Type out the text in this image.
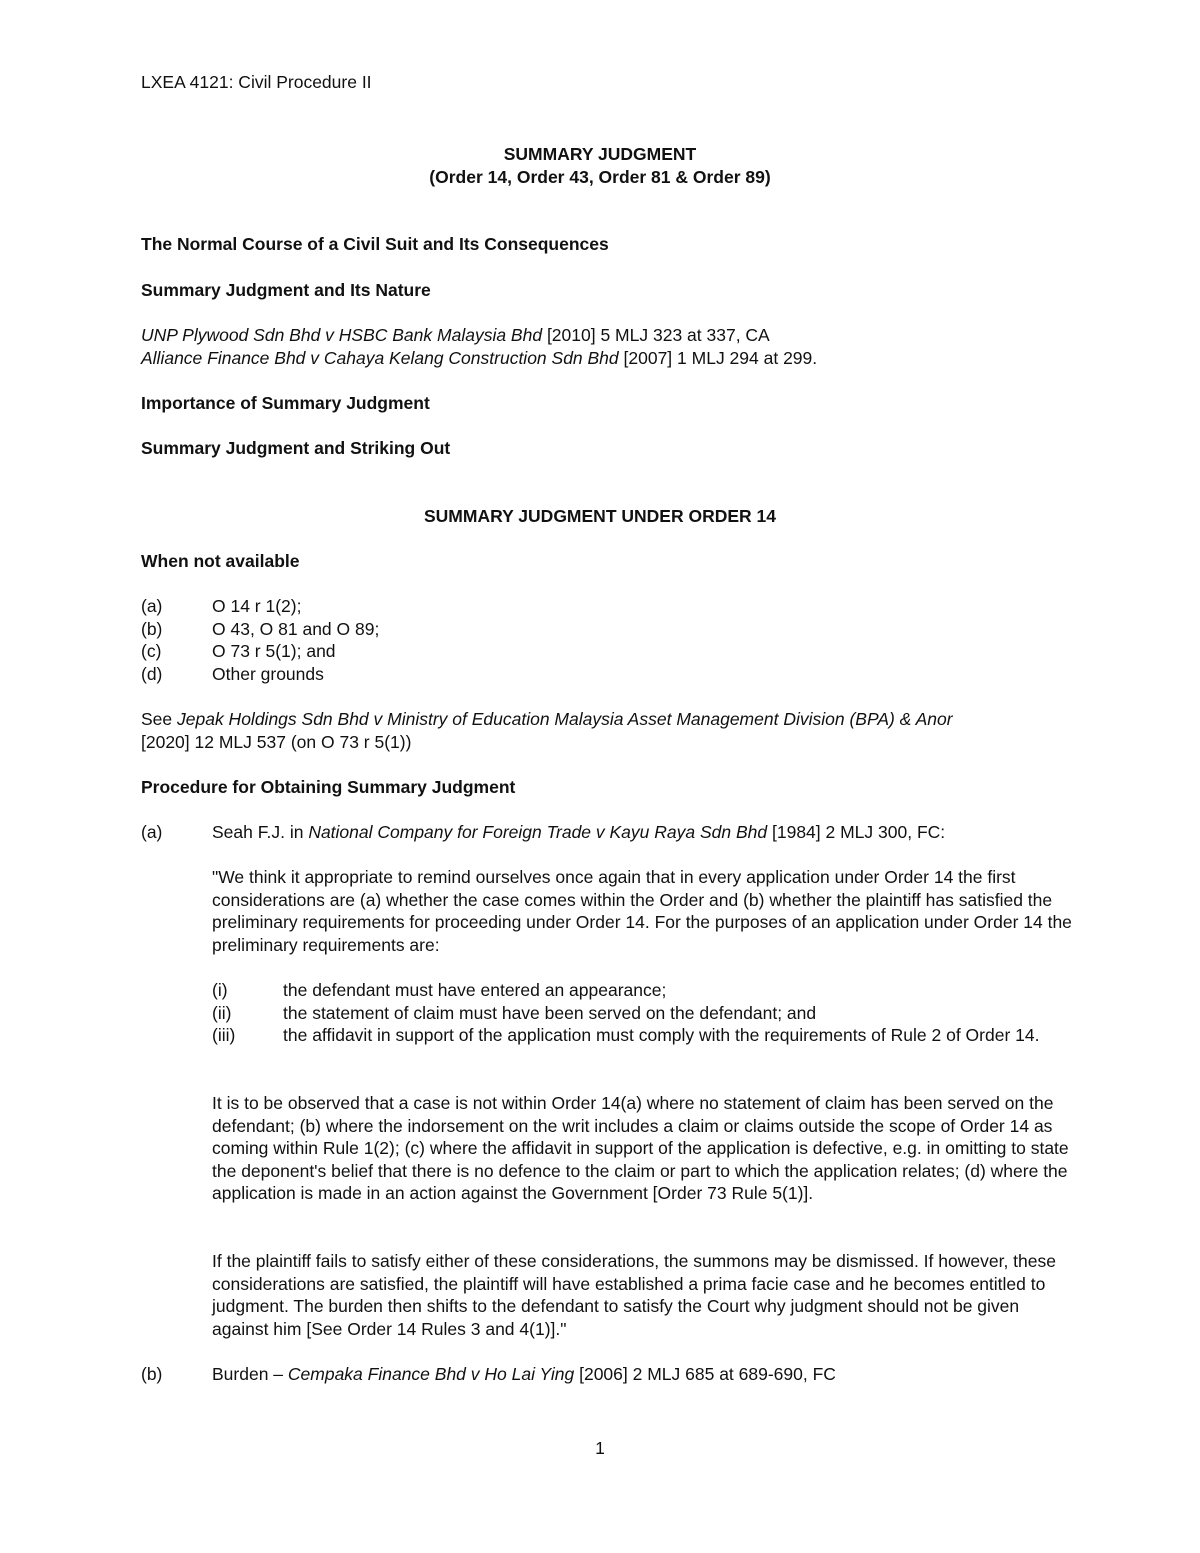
LXEA 4121: Civil Procedure II
SUMMARY JUDGMENT
(Order 14, Order 43, Order 81 & Order 89)
The Normal Course of a Civil Suit and Its Consequences
Summary Judgment and Its Nature
UNP Plywood Sdn Bhd v HSBC Bank Malaysia Bhd [2010] 5 MLJ 323 at 337, CA
Alliance Finance Bhd v Cahaya Kelang Construction Sdn Bhd [2007] 1 MLJ 294 at 299.
Importance of Summary Judgment
Summary Judgment and Striking Out
SUMMARY JUDGMENT UNDER ORDER 14
When not available
(a)	O 14 r 1(2);
(b)	O 43, O 81 and O 89;
(c)	O 73 r 5(1); and
(d)	Other grounds
See Jepak Holdings Sdn Bhd v Ministry of Education Malaysia Asset Management Division (BPA) & Anor
[2020] 12 MLJ 537 (on O 73 r 5(1))
Procedure for Obtaining Summary Judgment
(a)	Seah F.J. in National Company for Foreign Trade v Kayu Raya Sdn Bhd [1984] 2 MLJ 300, FC:
"We think it appropriate to remind ourselves once again that in every application under Order 14 the first considerations are (a) whether the case comes within the Order and (b) whether the plaintiff has satisfied the preliminary requirements for proceeding under Order 14. For the purposes of an application under Order 14 the preliminary requirements are:
(i)	the defendant must have entered an appearance;
(ii)	the statement of claim must have been served on the defendant; and
(iii)	the affidavit in support of the application must comply with the requirements of Rule 2 of Order 14.
It is to be observed that a case is not within Order 14(a) where no statement of claim has been served on the defendant; (b) where the indorsement on the writ includes a claim or claims outside the scope of Order 14 as coming within Rule 1(2); (c) where the affidavit in support of the application is defective, e.g. in omitting to state the deponent's belief that there is no defence to the claim or part to which the application relates; (d) where the application is made in an action against the Government [Order 73 Rule 5(1)].
If the plaintiff fails to satisfy either of these considerations, the summons may be dismissed. If however, these considerations are satisfied, the plaintiff will have established a prima facie case and he becomes entitled to judgment. The burden then shifts to the defendant to satisfy the Court why judgment should not be given against him [See Order 14 Rules 3 and 4(1)]."
(b)	Burden – Cempaka Finance Bhd v Ho Lai Ying [2006] 2 MLJ 685 at 689-690, FC
1
